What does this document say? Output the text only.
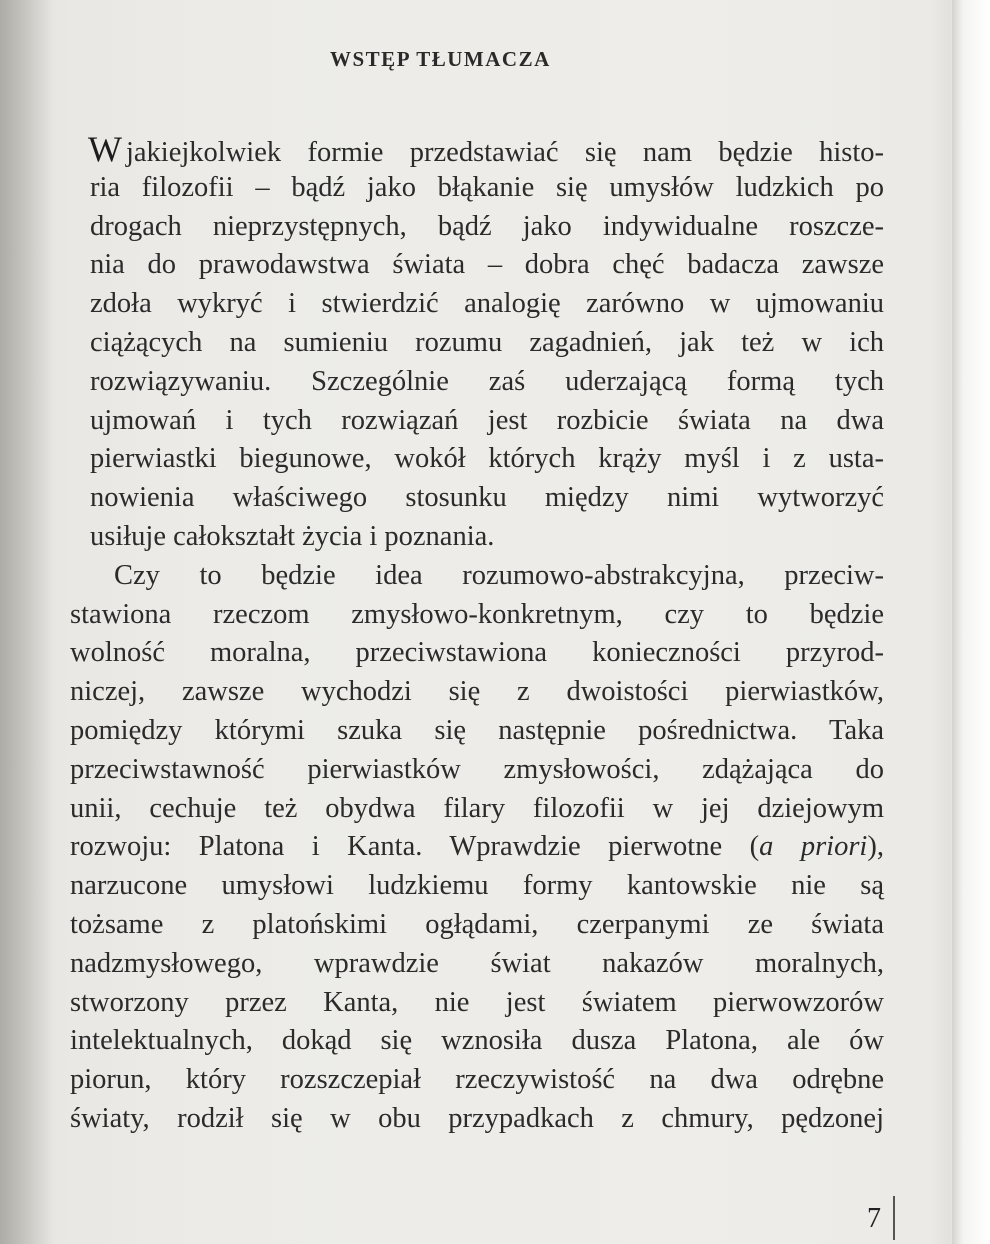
WSTĘP TŁUMACZA
W jakiejkolwiek formie przedstawiać się nam będzie histo-
ria filozofii – bądź jako błąkanie się umysłów ludzkich po
drogach nieprzystępnych, bądź jako indywidualne roszcze-
nia do prawodawstwa świata – dobra chęć badacza zawsze
zdoła wykryć i stwierdzić analogię zarówno w ujmowaniu
ciążących na sumieniu rozumu zagadnień, jak też w ich
rozwiązywaniu. Szczególnie zaś uderzającą formą tych
ujmowań i tych rozwiązań jest rozbicie świata na dwa
pierwiastki biegunowe, wokół których krąży myśl i z usta-
nowienia właściwego stosunku między nimi wytworzyć
usiłuje całokształt życia i poznania.
Czy to będzie idea rozumowo-abstrakcyjna, przeciw-
stawiona rzeczom zmysłowo-konkretnym, czy to będzie
wolność moralna, przeciwstawiona konieczności przyrod-
niczej, zawsze wychodzi się z dwoistości pierwiastków,
pomiędzy którymi szuka się następnie pośrednictwa. Taka
przeciwstawność pierwiastków zmysłowości, zdążająca do
unii, cechuje też obydwa filary filozofii w jej dziejowym
rozwoju: Platona i Kanta. Wprawdzie pierwotne (a priori),
narzucone umysłowi ludzkiemu formy kantowskie nie są
tożsame z platońskimi ogłądami, czerpanymi ze świata
nadzmysłowego, wprawdzie świat nakazów moralnych,
stworzony przez Kanta, nie jest światem pierwowzorów
intelektualnych, dokąd się wznosiła dusza Platona, ale ów
piorun, który rozszczepiał rzeczywistość na dwa odrębne
światy, rodził się w obu przypadkach z chmury, pędzonej
7
